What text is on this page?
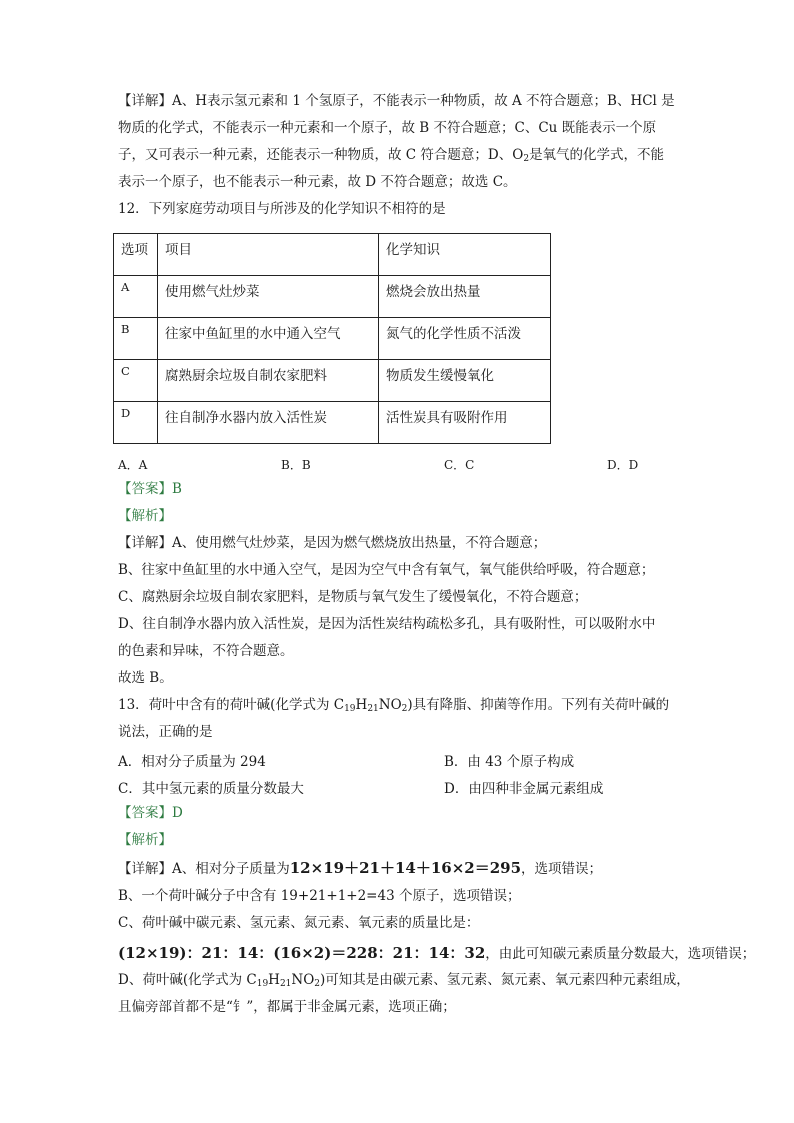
【详解】A、H表示氢元素和 1 个氢原子，不能表示一种物质，故 A 不符合题意；B、HCl 是
物质的化学式，不能表示一种元素和一个原子，故 B 不符合题意；C、Cu 既能表示一个原
子，又可表示一种元素，还能表示一种物质，故 C 符合题意；D、$O_2$是氧气的化学式，不能
表示一个原子，也不能表示一种元素，故 D 不符合题意；故选 C。
12．下列家庭劳动项目与所涉及的化学知识不相符的是
选项	项目	化学知识
A	使用燃气灶炒菜	燃烧会放出热量
B	往家中鱼缸里的水中通入空气	氮气的化学性质不活泼
C	腐熟厨余垃圾自制农家肥料	物质发生缓慢氧化
D	往自制净水器内放入活性炭	活性炭具有吸附作用
A．A	B．B	C．C	D．D
【答案】B
【解析】
【详解】A、使用燃气灶炒菜，是因为燃气燃烧放出热量，不符合题意；
B、往家中鱼缸里的水中通入空气，是因为空气中含有氧气，氧气能供给呼吸，符合题意；
C、腐熟厨余垃圾自制农家肥料，是物质与氧气发生了缓慢氧化，不符合题意；
D、往自制净水器内放入活性炭，是因为活性炭结构疏松多孔，具有吸附性，可以吸附水中
的色素和异味，不符合题意。
故选 B。
13．荷叶中含有的荷叶碱(化学式为 $C_{19}H_{21}NO_2$)具有降脂、抑菌等作用。下列有关荷叶碱的
说法，正确的是
A．相对分子质量为 294	B．由 43 个原子构成
C．其中氢元素的质量分数最大	D．由四种非金属元素组成
【答案】D
【解析】
【详解】A、相对分子质量为12×19＋21＋14＋16×2＝295，选项错误；
B、一个荷叶碱分子中含有 19+21+1+2=43 个原子，选项错误；
C、荷叶碱中碳元素、氢元素、氮元素、氧元素的质量比是：
(12×19)：21：14：(16×2)＝228：21：14：32，由此可知碳元素质量分数最大，选项错误；
D、荷叶碱(化学式为 $C_{19}H_{21}NO_2$)可知其是由碳元素、氢元素、氮元素、氧元素四种元素组成，
且偏旁部首都不是“钅”，都属于非金属元素，选项正确；
